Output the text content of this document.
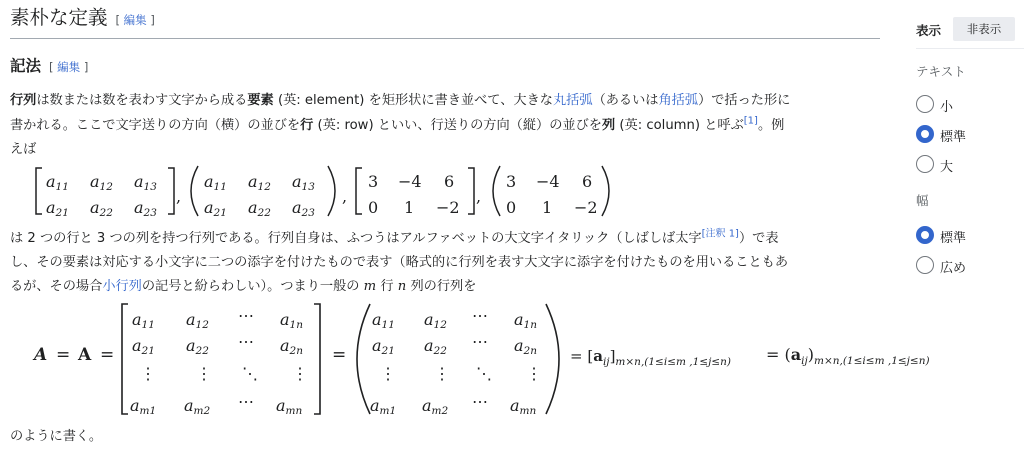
素朴な定義 [ 編集 ]
記法 [ 編集 ]
行列は数または数を表わす文字から成る要素 (英: element) を矩形状に書き並べて、大きな丸括弧（あるいは角括弧）で括った形に
書かれる。ここで文字送りの方向（横）の並びを行 (英: row) といい、行送りの方向（縦）の並びを列 (英: column) と呼ぶ[1]。例
えば
,	,	,
$a_{11}$ $a_{12}$ $a_{13}$
$a_{21}$ $a_{22}$ $a_{23}$
$a_{11}$ $a_{12}$ $a_{13}$
$a_{21}$ $a_{22}$ $a_{23}$
3 −4 6
0 1 −2
3 −4 6
0 1 −2
は 2 つの行と 3 つの列を持つ行列である。行列自身は、ふつうはアルファベットの大文字イタリック（しばしば太字[注釈 1]）で表
し、その要素は対応する小文字に二つの添字を付けたもので表す（略式的に行列を表す大文字に添字を付けたものを用いることもあ
るが、その場合小行列の記号と紛らわしい）。つまり一般の m 行 n 列の行列を
A = A =	=
$a_{11}$ $a_{12}$ ⋯ $a_{1n}$
$a_{21}$ $a_{22}$ ⋯ $a_{2n}$
⋮	⋮ ⋱ ⋮
$a_{m1}$ $a_{m2}$ ⋯ $a_{mn}$
$a_{11}$ $a_{12}$ ⋯ $a_{1n}$
$a_{21}$ $a_{22}$ ⋯ $a_{2n}$
⋮ ⋮ ⋱ ⋮
$a_{m1}$ $a_{m2}$ ⋯ $a_{mn}$
= $[a_{ij}]_{m\times n,(1\le i\le m ,1\le j\le n)} = (a_{ij})_{m\times n,(1\le i\le m ,1\le j\le n)}$
のように書く。
表示	非表示
テキスト
小
標準
大
幅
標準
広め
